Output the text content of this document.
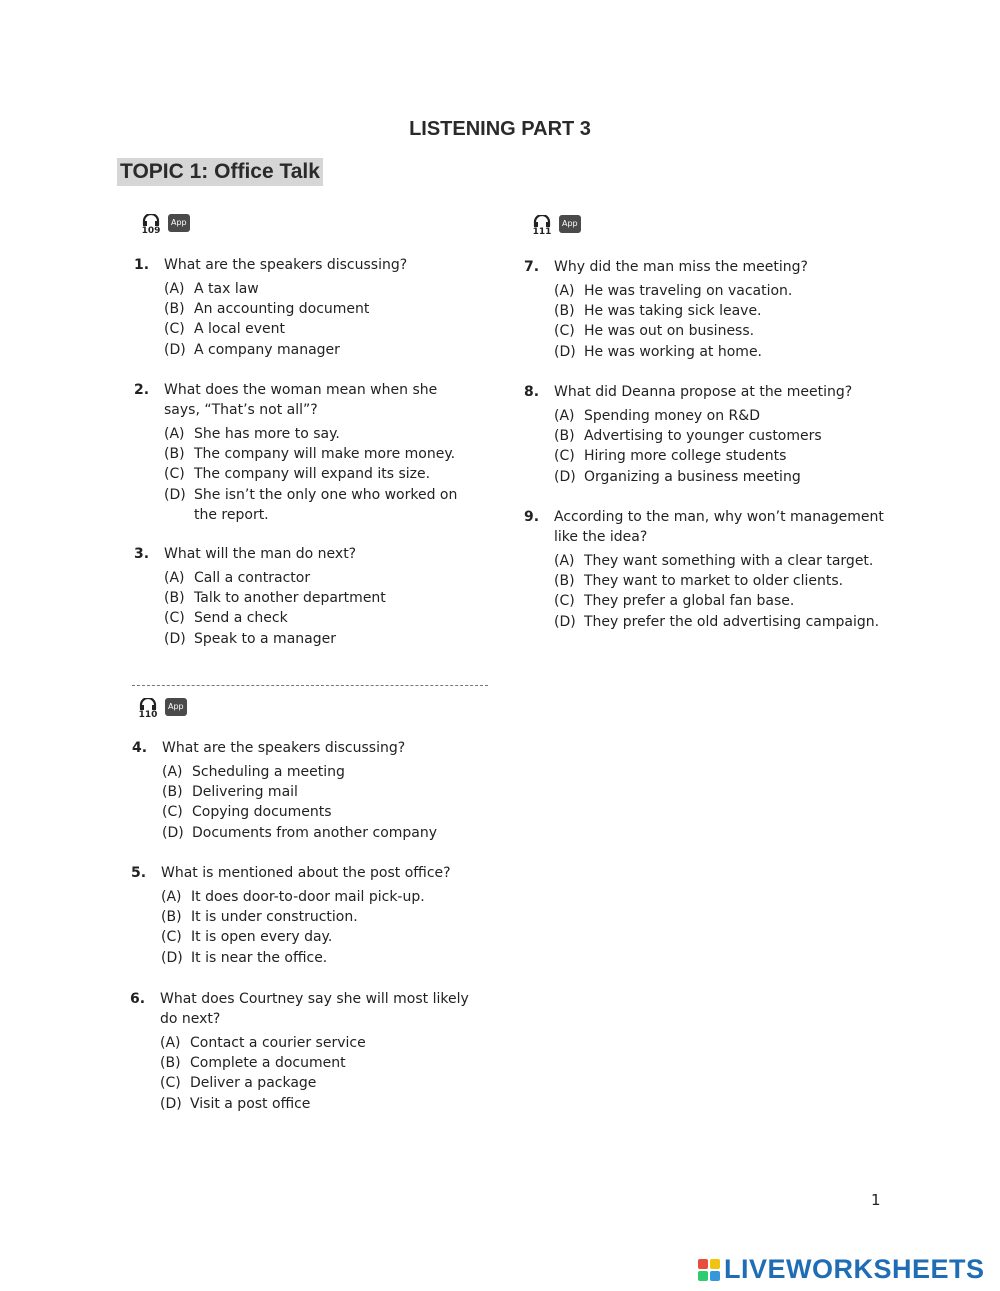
LISTENING PART 3
TOPIC 1: Office Talk
109
App
111
App
110
App
1.	What are the speakers discussing?
(A) A tax law
(B) An accounting document
(C) A local event
(D) A company manager
2.	What does the woman mean when she says, “That’s not all”?
(A) She has more to say.
(B) The company will make more money.
(C) The company will expand its size.
(D) She isn’t the only one who worked on the report.
3.	What will the man do next?
(A) Call a contractor
(B) Talk to another department
(C) Send a check
(D) Speak to a manager
4.	What are the speakers discussing?
(A) Scheduling a meeting
(B) Delivering mail
(C) Copying documents
(D) Documents from another company
5.	What is mentioned about the post office?
(A) It does door-to-door mail pick-up.
(B) It is under construction.
(C) It is open every day.
(D) It is near the office.
6.	What does Courtney say she will most likely do next?
(A) Contact a courier service
(B) Complete a document
(C) Deliver a package
(D) Visit a post office
7.	Why did the man miss the meeting?
(A) He was traveling on vacation.
(B) He was taking sick leave.
(C) He was out on business.
(D) He was working at home.
8.	What did Deanna propose at the meeting?
(A) Spending money on R&D
(B) Advertising to younger customers
(C) Hiring more college students
(D) Organizing a business meeting
9.	According to the man, why won’t management like the idea?
(A) They want something with a clear target.
(B) They want to market to older clients.
(C) They prefer a global fan base.
(D) They prefer the old advertising campaign.
1
LIVEWORKSHEETS
